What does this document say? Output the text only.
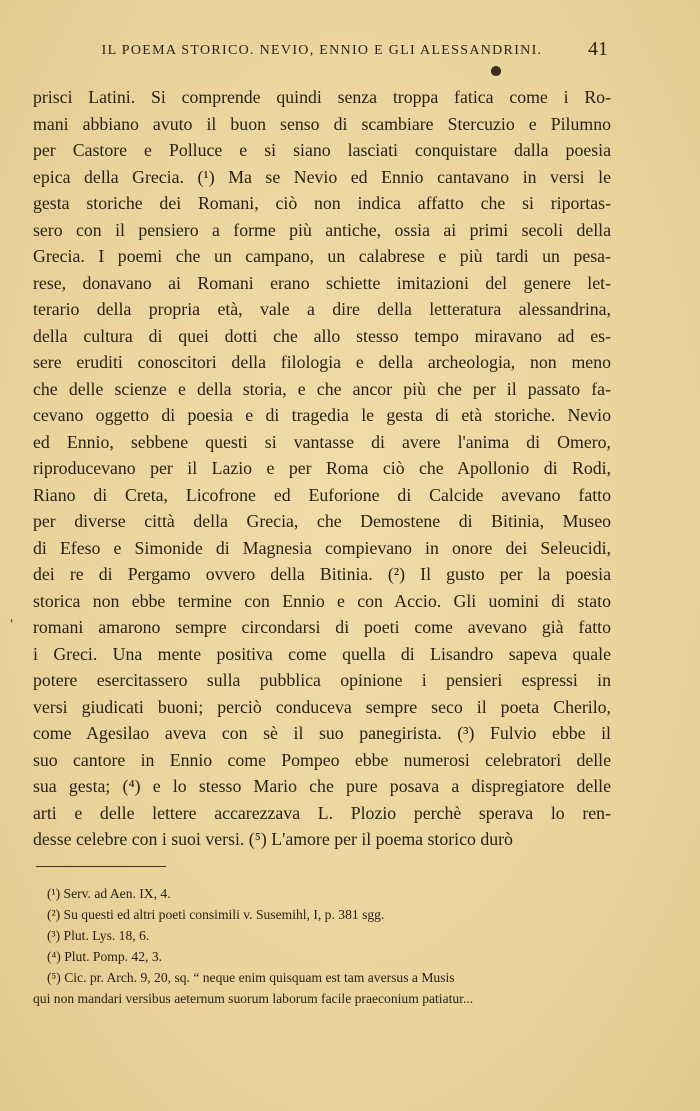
IL POEMA STORICO. NEVIO, ENNIO E GLI ALESSANDRINI.	41
prisci Latini. Si comprende quindi senza troppa fatica come i Ro-
mani abbiano avuto il buon senso di scambiare Stercuzio e Pilumno
per Castore e Polluce e si siano lasciati conquistare dalla poesia
epica della Grecia. (¹) Ma se Nevio ed Ennio cantavano in versi le
gesta storiche dei Romani, ciò non indica affatto che si riportas-
sero con il pensiero a forme più antiche, ossia ai primi secoli della
Grecia. I poemi che un campano, un calabrese e più tardi un pesa-
rese, donavano ai Romani erano schiette imitazioni del genere let-
terario della propria età, vale a dire della letteratura alessandrina,
della cultura di quei dotti che allo stesso tempo miravano ad es-
sere eruditi conoscitori della filologia e della archeologia, non meno
che delle scienze e della storia, e che ancor più che per il passato fa-
cevano oggetto di poesia e di tragedia le gesta di età storiche. Nevio
ed Ennio, sebbene questi si vantasse di avere l'anima di Omero,
riproducevano per il Lazio e per Roma ciò che Apollonio di Rodi,
Riano di Creta, Licofrone ed Euforione di Calcide avevano fatto
per diverse città della Grecia, che Demostene di Bitinia, Museo
di Efeso e Simonide di Magnesia compievano in onore dei Seleucidi,
dei re di Pergamo ovvero della Bitinia. (²) Il gusto per la poesia
storica non ebbe termine con Ennio e con Accio. Gli uomini di stato
romani amarono sempre circondarsi di poeti come avevano già fatto
i Greci. Una mente positiva come quella di Lisandro sapeva quale
potere esercitassero sulla pubblica opinione i pensieri espressi in
versi giudicati buoni; perciò conduceva sempre seco il poeta Cherilo,
come Agesilao aveva con sè il suo panegirista. (³) Fulvio ebbe il
suo cantore in Ennio come Pompeo ebbe numerosi celebratori delle
sua gesta; (⁴) e lo stesso Mario che pure posava a dispregiatore delle
arti e delle lettere accarezzava L. Plozio perchè sperava lo ren-
desse celebre con i suoi versi. (⁵) L'amore per il poema storico durò
'
(¹) Serv. ad Aen. IX, 4.
(²) Su questi ed altri poeti consimili v. Susemihl, I, p. 381 sgg.
(³) Plut. Lys. 18, 6.
(⁴) Plut. Pomp. 42, 3.
(⁵) Cic. pr. Arch. 9, 20, sq. “ neque enim quisquam est tam aversus a Musis
qui non mandari versibus aeternum suorum laborum facile praeconium patiatur...
